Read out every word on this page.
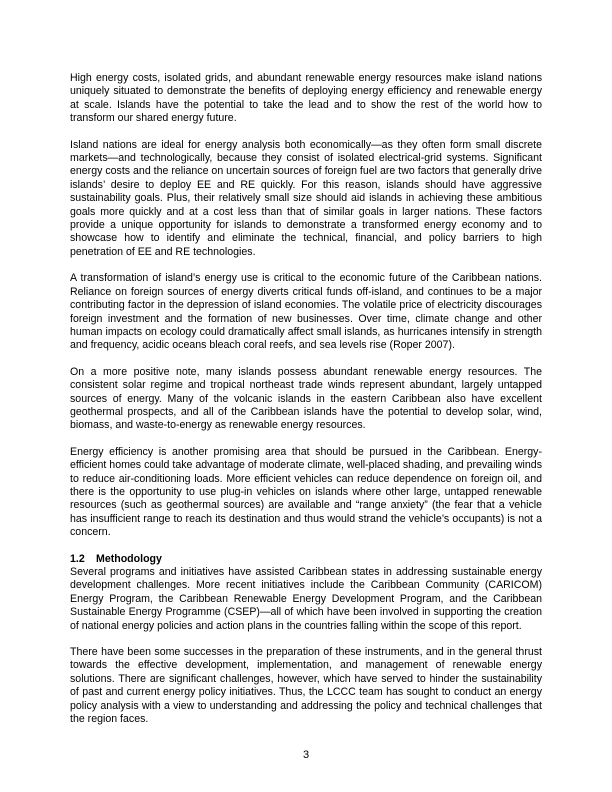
High energy costs, isolated grids, and abundant renewable energy resources make island nations uniquely situated to demonstrate the benefits of deploying energy efficiency and renewable energy at scale. Islands have the potential to take the lead and to show the rest of the world how to transform our shared energy future.

Island nations are ideal for energy analysis both economically—as they often form small discrete markets—and technologically, because they consist of isolated electrical-grid systems. Significant energy costs and the reliance on uncertain sources of foreign fuel are two factors that generally drive islands’ desire to deploy EE and RE quickly. For this reason, islands should have aggressive sustainability goals. Plus, their relatively small size should aid islands in achieving these ambitious goals more quickly and at a cost less than that of similar goals in larger nations. These factors provide a unique opportunity for islands to demonstrate a transformed energy economy and to showcase how to identify and eliminate the technical, financial, and policy barriers to high penetration of EE and RE technologies.

A transformation of island’s energy use is critical to the economic future of the Caribbean nations. Reliance on foreign sources of energy diverts critical funds off-island, and continues to be a major contributing factor in the depression of island economies. The volatile price of electricity discourages foreign investment and the formation of new businesses. Over time, climate change and other human impacts on ecology could dramatically affect small islands, as hurricanes intensify in strength and frequency, acidic oceans bleach coral reefs, and sea levels rise (Roper 2007).

On a more positive note, many islands possess abundant renewable energy resources. The consistent solar regime and tropical northeast trade winds represent abundant, largely untapped sources of energy. Many of the volcanic islands in the eastern Caribbean also have excellent geothermal prospects, and all of the Caribbean islands have the potential to develop solar, wind, biomass, and waste-to-energy as renewable energy resources.

Energy efficiency is another promising area that should be pursued in the Caribbean. Energy-efficient homes could take advantage of moderate climate, well-placed shading, and prevailing winds to reduce air-conditioning loads. More efficient vehicles can reduce dependence on foreign oil, and there is the opportunity to use plug-in vehicles on islands where other large, untapped renewable resources (such as geothermal sources) are available and “range anxiety” (the fear that a vehicle has insufficient range to reach its destination and thus would strand the vehicle’s occupants) is not a concern.

1.2	Methodology

Several programs and initiatives have assisted Caribbean states in addressing sustainable energy development challenges. More recent initiatives include the Caribbean Community (CARICOM) Energy Program, the Caribbean Renewable Energy Development Program, and the Caribbean Sustainable Energy Programme (CSEP)—all of which have been involved in supporting the creation of national energy policies and action plans in the countries falling within the scope of this report.

There have been some successes in the preparation of these instruments, and in the general thrust towards the effective development, implementation, and management of renewable energy solutions. There are significant challenges, however, which have served to hinder the sustainability of past and current energy policy initiatives. Thus, the LCCC team has sought to conduct an energy policy analysis with a view to understanding and addressing the policy and technical challenges that the region faces.

3
